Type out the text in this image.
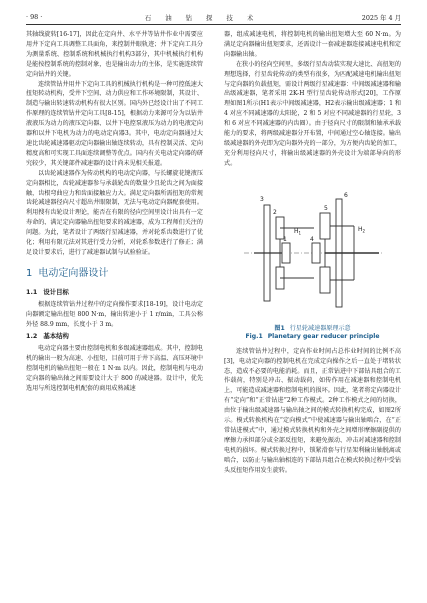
· 98 ·	石 油 钻 探 技 术	2025 年 4 月

其轴线旋转[16-17]，因此在定向井、水平井等钻井作业中需要应用井下定向工具调整工具面角，来控制井眼轨迹；井下定向工具分为测量系统、控制系统和机械执行机构3部分，其中机械执行机构是能按控制系统的控制对象，也是输出动力的主体，是实施连续管定向钻井的关键。

连续管钻井用井下定向工具的机械执行机构是一种可控低速大扭矩转动机构，受井下空间、动力供应和工作环境限制，其设计、制造与输出转速转动机构有很大区别。国内外已经设计出了不同工作原理的连续管钻井定向工具[8-15]，根据动力来源可分为以钻井液液压为动力的液压定向器、以井下电控泵液压为动力的电液定向器和以井下电机为动力的电动定向器3。其中，电动定向器通过大速比齿轮减速器驱动定向器输出轴连续转动，具有控制灵活、定向精度高和可实现工具面连续调整等优点。国内有关电动定向器的研究较少，其关键部件减速器的设计尚未见相关报道。

以齿轮减速器作为传动机构的电动定向器，与长螺旋花键液压定向器相比，齿轮减速器参与承载轮齿的数量少且轮齿之间为面接触，齿根弯曲应力和齿面接触应力大。满足定向器所需扭矩的常规齿轮减速器径向尺寸超出井眼限制，无法与电动定向器配套使用。利用搜有齿轮设计理论，能否在有限的径向空间里设计出具有一定寿命的、满足定向器输出扭矩要求的减速器，成为工程师们关注的问题。为此，笔者设计了两级行星减速器，并对轮系齿数进行了优化；利用有限元法对其进行受力分析，对轮系参数进行了修正；满足设计要求后，进行了减速器试制与试验验证。

1 电动定向器设计
1.1 设计目标

根据连续管钻井过程中的定向操作要求[18-19]，设计电动定向器额定输出扭矩 800 N·m，输出转速小于 1 r/min，工具公称外径 88.9 mm，长度小于 3 m。

1.2 基本结构

电动定向器主要由控制电机和多级减速器组成。其中，控制电机的输出一般为高速、小扭矩，目前可用于井下高温、高压环境中控制电机的输出扭矩一般在 1 N·m 以内。因此，控制电机与电动定向器的输出轴之间需要设计大于 800 的减速器。设计中，优先选用与所选控制电机配套的商用成熟减速

器，组成减速电机，将控制电机的输出扭矩增大至 60 N·m。为满足定向器输出扭矩要求，还需设计一套减速器连接减速电机和定向器输出轴。

在狭小的径向空间里，多级行星齿动装实现大速比、高扭矩的理想选择，行星齿轮传动的类型有很多，为匹配减速电机输出扭矩与定向器的负载扭矩，需设计两级行星减速器：中间级减速器和输出级减速器，笔者采用 2K-H 型行星齿轮传动形式[20]，工作原理如图1所示(H1表示中间级减速器，H2表示输出级减速器；1 和 4 对应不同减速器的太阳轮，2 和 5 对应不同减速器的行星轮，3 和 6 对应不同减速器的内齿圈）。由于径向尺寸的限制和轴承承载能力的要求，将两级减速器分开布置，中间通过空心轴连接。输出级减速器的外壳即为定向器外壳的一部分，为方便内齿轮的加工，充分利用径向尺寸，将输出级减速器的外壳设计为端部导向的形式。

3
2
1	4
5
6
$H_1$	$H_2$
图1 行星轮减速器原理示意
Fig.1 Planetary gear reducer principle

连续管钻井过程中，定向作业时间占总作业时间的比例不高[3]，电动定向器的控制电机在完成定向操作之后一直处于堵转状态，造成不必要的电能消耗。而且，正常钻进中下部钻具组合的工作载荷，特别是冲击、振动载荷，如传作用在减速器和控制电机上，可能造成减速器和控制电机的损坏。因此，笔者将定向器设计有“定向”和“正常钻进”2种工作模式。2种工作模式之间的切换，由位于输出级减速器与输出轴之间的模式转换机构完成，如图2所示。模式转换机构在“定向模式”中使减速器与输出轴啮合，在“正常钻进模式”中，通过模式转换机构和外壳之间增形摩擦副提供的摩擦力承担部分或全部反扭矩，来避免振动、冲击对减速器和控制电机的损坏。模式转换过程中，锁紧滑套与行星架利输出轴脱离或啮合，以防止与输出轴相连的下部钻具组合在模式转换过程中受钻头反扭矩作用发生旋转。
